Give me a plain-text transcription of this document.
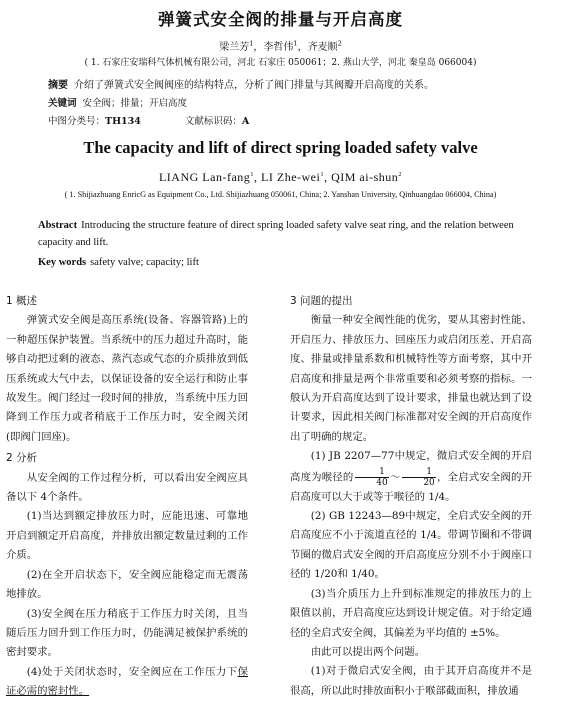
弹簧式安全阀的排量与开启高度
梁兰芳$^1$，李哲伟$^1$，齐麦顺$^2$
( 1. 石家庄安瑞科气体机械有限公司，河北 石家庄 050061；2. 燕山大学，河北 秦皇岛 066004)
摘要 介绍了弹簧式安全阀阀座的结构特点，分析了阀门排量与其阀瓣开启高度的关系。
关键词 安全阀；排量；开启高度
中图分类号：TH134	文献标识码：A
The capacity and lift of direct spring loaded safety valve
LIANG Lan-fang$^1$, LI Zhe-wei$^1$, QIM ai-shun$^2$
( 1. Shijiazhuang EnricG as Equipment Co., Ltd. Shijiazhuang 050061, China; 2. Yanshan University, Qinhuangdao 066004, China)
Abstract Introducing the structure feature of direct spring loaded safety valve seat ring, and the relation between capacity and lift.
Key words safety valve; capacity; lift

1 概述

弹簧式安全阀是高压系统(设备、容器管路)上的一种超压保护装置。当系统中的压力超过升高时，能够自动把过剩的液态、蒸汽态或气态的介质排放到低压系统或大气中去，以保证设备的安全运行和防止事故发生。阀门经过一段时间的排放，当系统中压力回降到工作压力或者稍底于工作压力时，安全阀关闭(即阀门回座)。

2 分析

从安全阀的工作过程分析，可以看出安全阀应具备以下 4个条件。

(1)当达到额定排放压力时，应能迅速、可靠地开启到额定开启高度，并排放出额定数量过剩的工作介质。

(2)在全开启状态下，安全阀应能稳定而无震荡地排放。

(3)安全阀在压力稍底于工作压力时关闭，且当随后压力回升到工作压力时，仍能满足被保护系统的密封要求。

(4)处于关闭状态时，安全阀应在工作压力下保证必需的密封性。

3 问题的提出

衡量一种安全阀性能的优劣，要从其密封性能、开启压力、排放压力、回座压力或启闭压差、开启高度、排量或排量系数和机械特性等方面考察，其中开启高度和排量是两个非常重要和必须考察的指标。一般认为开启高度达到了设计要求，排量也就达到了设计要求，因此相关阀门标准都对安全阀的开启高度作出了明确的规定。

(1) JB 2207—77中规定，微启式安全阀的开启高度为喉径的 $\frac{1}{40}$ ～ $\frac{1}{20}$ ，全启式安全阀的开启高度可以大于或等于喉径的 1/4。

(2) GB 12243—89中规定，全启式安全阀的开启高度应不小于流道直径的 1/4。带调节圈和不带调节圈的微启式安全阀的开启高度应分别不小于阀座口径的 1/20和 1/40。

(3)当介质压力上升到标准规定的排放压力的上限值以前，开启高度应达到设计规定值。对于给定通径的全启式安全阀，其偏差为平均值的 ±5%。

由此可以提出两个问题。

(1)对于微启式安全阀，由于其开启高度并不是很高，所以此时排放面积小于喉部截面积，排放通
